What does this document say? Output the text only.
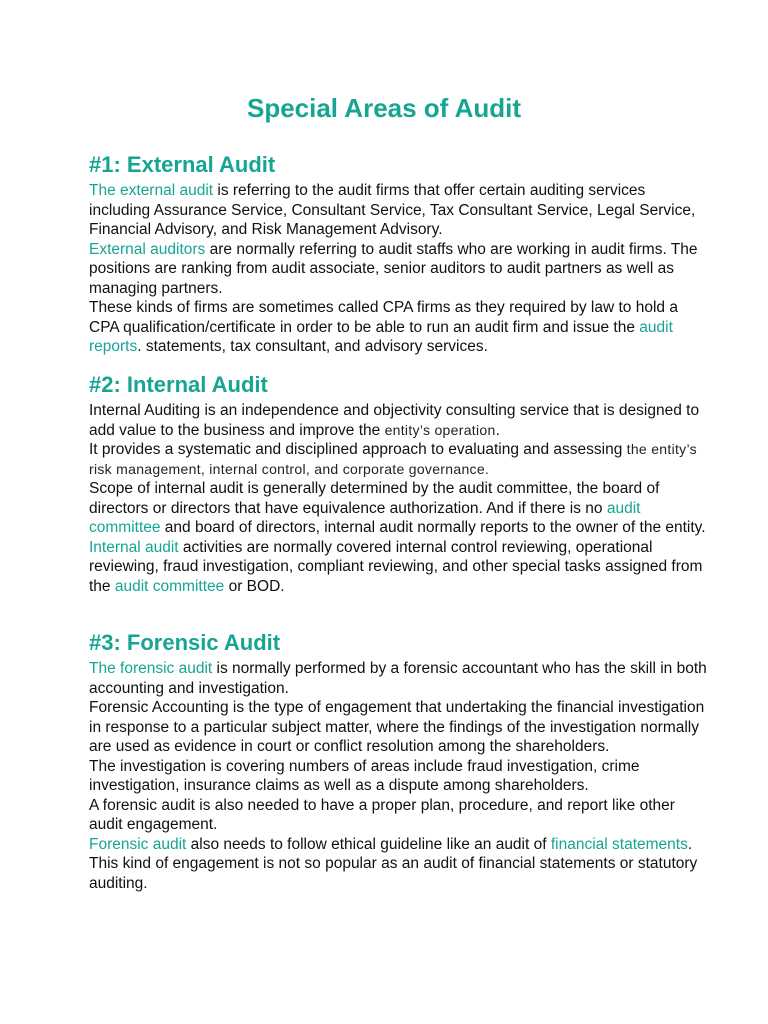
Special Areas of Audit
#1: External Audit

The external audit is referring to the audit firms that offer certain auditing services including Assurance Service, Consultant Service, Tax Consultant Service, Legal Service, Financial Advisory, and Risk Management Advisory.

External auditors are normally referring to audit staffs who are working in audit firms. The positions are ranking from audit associate, senior auditors to audit partners as well as managing partners.

These kinds of firms are sometimes called CPA firms as they required by law to hold a CPA qualification/certificate in order to be able to run an audit firm and issue the audit reports. statements, tax consultant, and advisory services.

#2: Internal Audit

Internal Auditing is an independence and objectivity consulting service that is designed to add value to the business and improve the entity’s operation.

It provides a systematic and disciplined approach to evaluating and assessing the entity’s risk management, internal control, and corporate governance.

Scope of internal audit is generally determined by the audit committee, the board of directors or directors that have equivalence authorization. And if there is no audit committee and board of directors, internal audit normally reports to the owner of the entity.

Internal audit activities are normally covered internal control reviewing, operational reviewing, fraud investigation, compliant reviewing, and other special tasks assigned from the audit committee or BOD.

#3: Forensic Audit

The forensic audit is normally performed by a forensic accountant who has the skill in both accounting and investigation.

Forensic Accounting is the type of engagement that undertaking the financial investigation in response to a particular subject matter, where the findings of the investigation normally are used as evidence in court or conflict resolution among the shareholders.

The investigation is covering numbers of areas include fraud investigation, crime investigation, insurance claims as well as a dispute among shareholders.

A forensic audit is also needed to have a proper plan, procedure, and report like other audit engagement.

Forensic audit also needs to follow ethical guideline like an audit of financial statements. This kind of engagement is not so popular as an audit of financial statements or statutory auditing.
